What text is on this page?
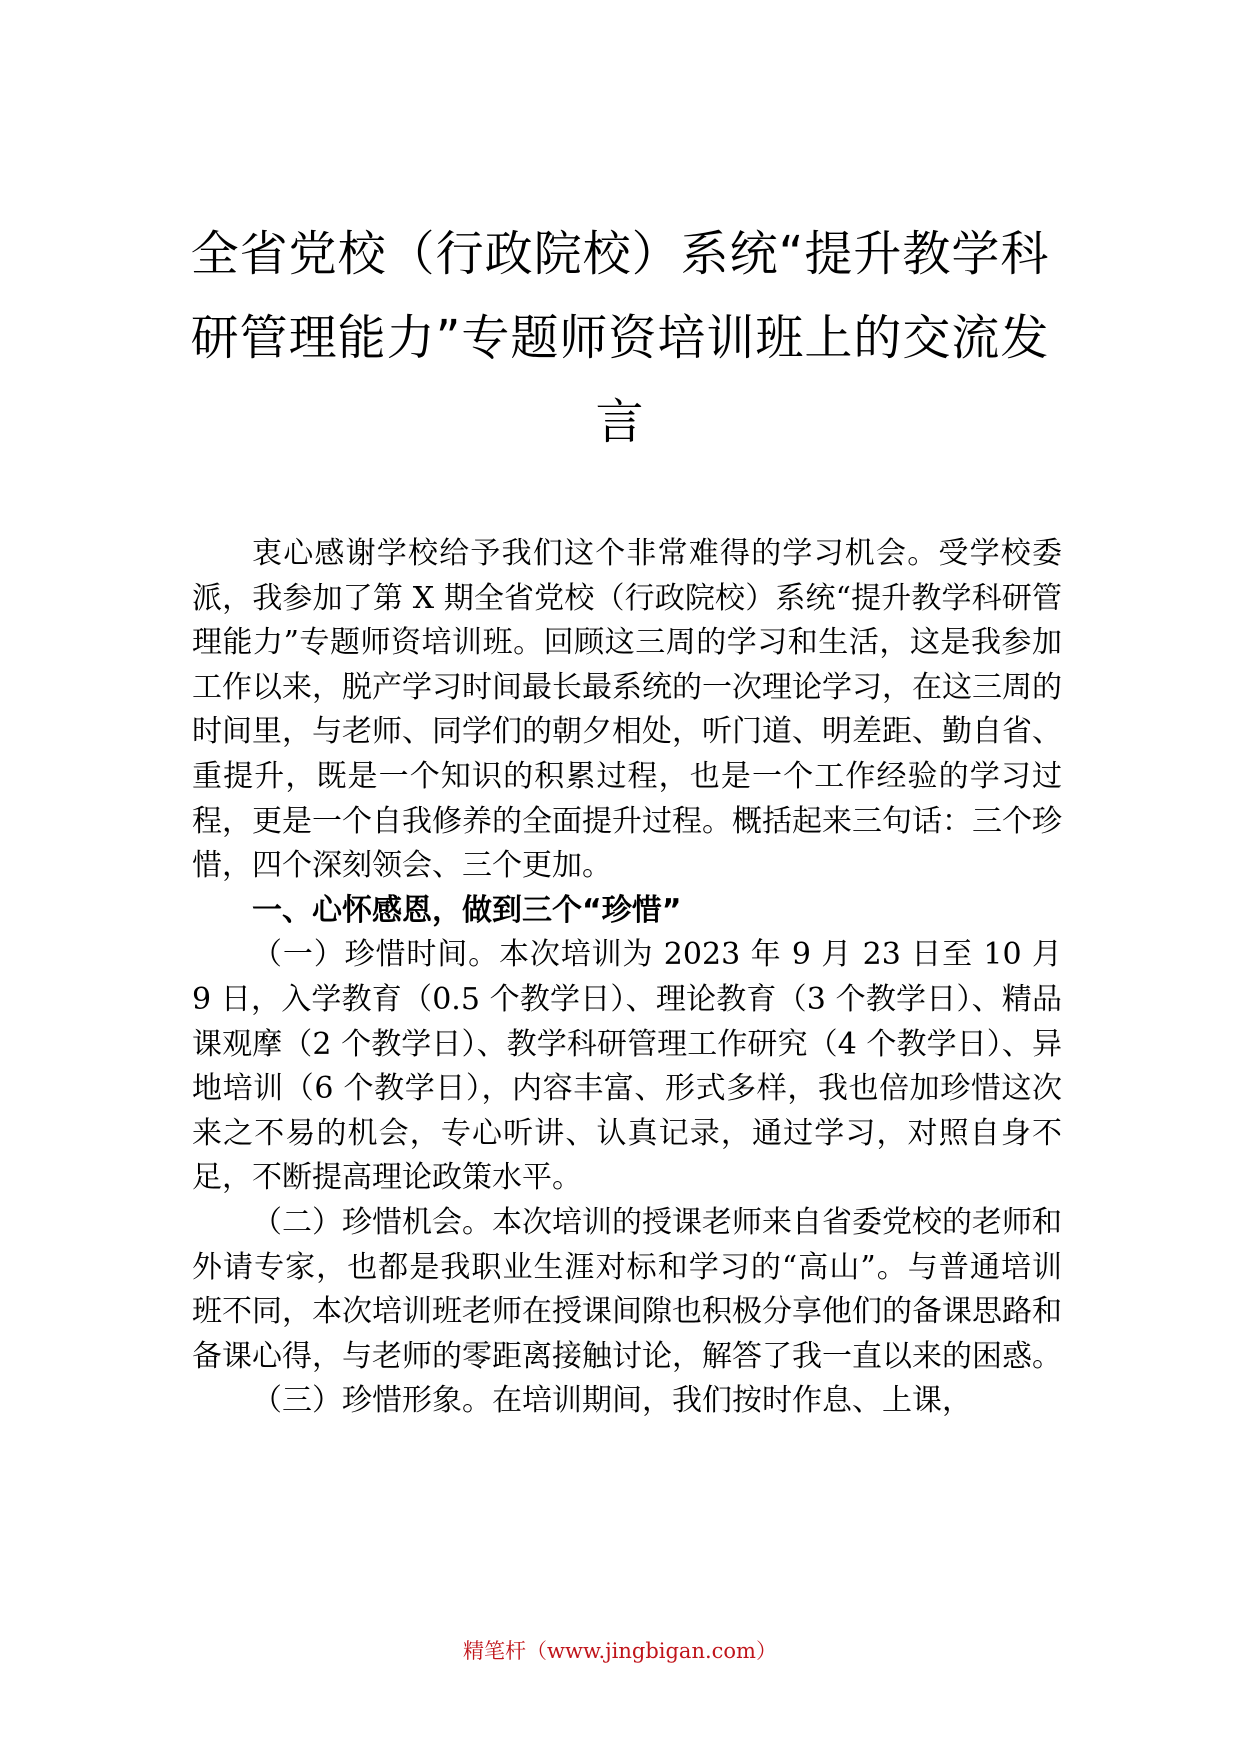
全省党校（行政院校）系统“提升教学科
研管理能力”专题师资培训班上的交流发
言

衷心感谢学校给予我们这个非常难得的学习机会。受学校委派，我参加了第 X 期全省党校（行政院校）系统“提升教学科研管理能力”专题师资培训班。回顾这三周的学习和生活，这是我参加工作以来，脱产学习时间最长最系统的一次理论学习，在这三周的时间里，与老师、同学们的朝夕相处，听门道、明差距、勤自省、重提升，既是一个知识的积累过程，也是一个工作经验的学习过程，更是一个自我修养的全面提升过程。概括起来三句话：三个珍惜，四个深刻领会、三个更加。

一、心怀感恩，做到三个“珍惜”

（一）珍惜时间。本次培训为 2023 年 9 月 23 日至 10 月 9 日，入学教育（0.5 个教学日）、理论教育（3 个教学日）、精品课观摩（2 个教学日）、教学科研管理工作研究（4 个教学日）、异地培训（6 个教学日），内容丰富、形式多样，我也倍加珍惜这次来之不易的机会，专心听讲、认真记录，通过学习，对照自身不足，不断提高理论政策水平。

（二）珍惜机会。本次培训的授课老师来自省委党校的老师和外请专家，也都是我职业生涯对标和学习的“高山”。与普通培训班不同，本次培训班老师在授课间隙也积极分享他们的备课思路和备课心得，与老师的零距离接触讨论，解答了我一直以来的困惑。

（三）珍惜形象。在培训期间，我们按时作息、上课，

精笔杆（www.jingbigan.com）
